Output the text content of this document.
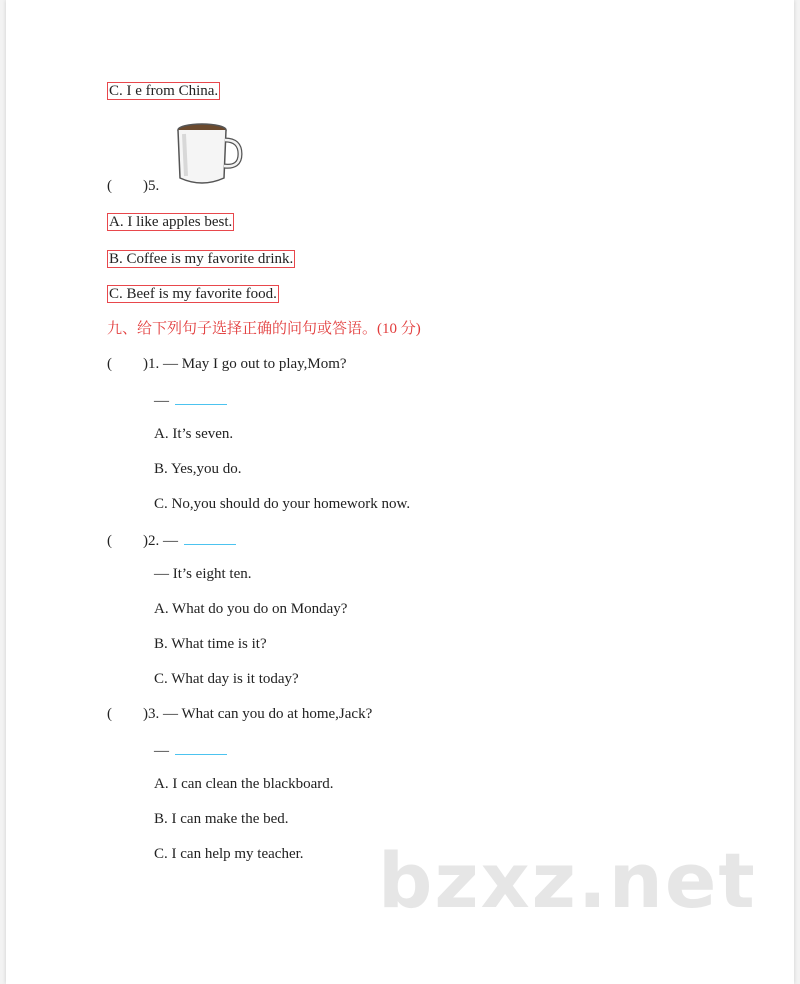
C. I e from China.
( )5.
A. I like apples best.
B. Coffee is my favorite drink.
C. Beef is my favorite food.
九、给下列句子选择正确的问句或答语。(10 分)
( )1. — May I go out to play,Mom?
—
A. It’s seven.
B. Yes,you do.
C. No,you should do your homework now.
( )2. —
— It’s eight ten.
A. What do you do on Monday?
B. What time is it?
C. What day is it today?
( )3. — What can you do at home,Jack?
—
A. I can clean the blackboard.
B. I can make the bed.
C. I can help my teacher. bzxz.net
